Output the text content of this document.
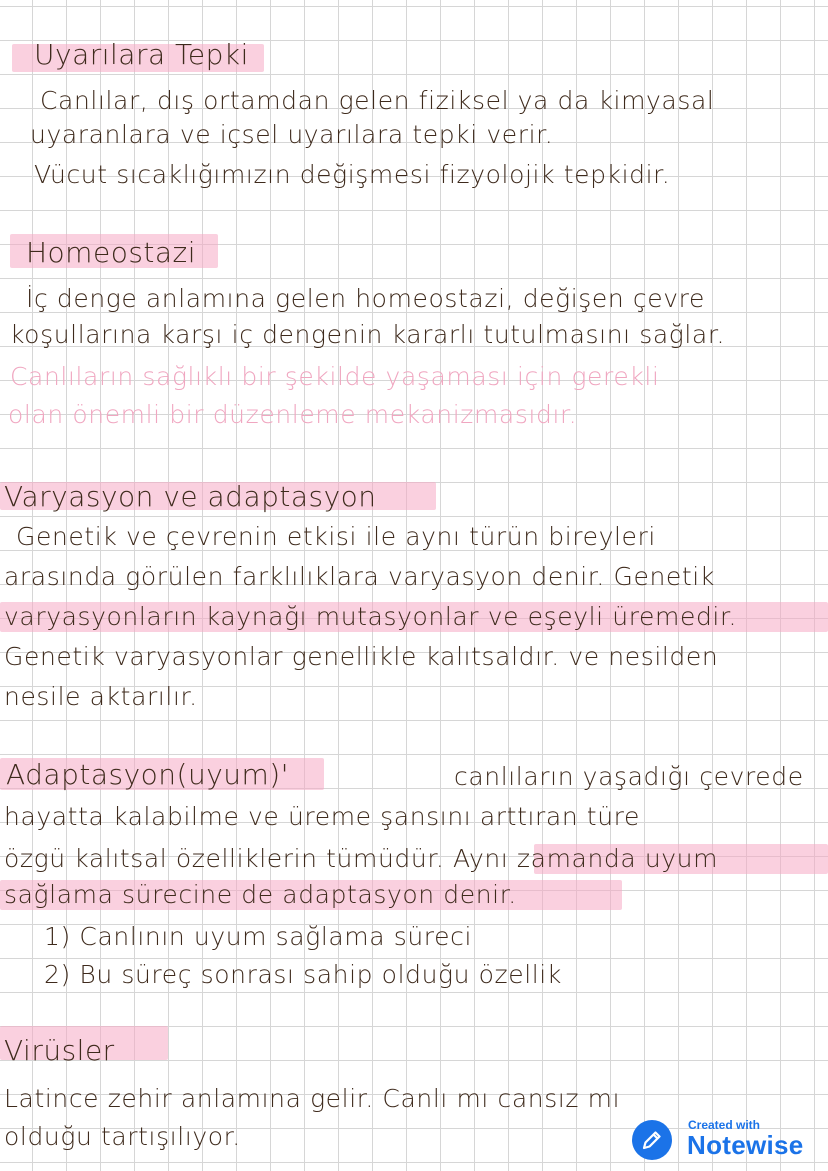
Uyarılara Tepki
Canlılar, dış ortamdan gelen fiziksel ya da kimyasal
uyaranlara ve içsel uyarılara tepki verir.
Vücut sıcaklığımızın değişmesi fizyolojik tepkidir.
Homeostazi
İç denge anlamına gelen homeostazi, değişen çevre
koşullarına karşı iç dengenin kararlı tutulmasını sağlar.
Canlıların sağlıklı bir şekilde yaşaması için gerekli
olan önemli bir düzenleme mekanizmasıdır.
Varyasyon ve adaptasyon
Genetik ve çevrenin etkisi ile aynı türün bireyleri
arasında görülen farklılıklara varyasyon denir. Genetik
varyasyonların kaynağı mutasyonlar ve eşeyli üremedir.
Genetik varyasyonlar genellikle kalıtsaldır. ve nesilden
nesile aktarılır.
Adaptasyon(uyum)'	canlıların yaşadığı çevrede
hayatta kalabilme ve üreme şansını arttıran türe
özgü kalıtsal özelliklerin tümüdür. Aynı zamanda uyum
sağlama sürecine de adaptasyon denir.
1) Canlının uyum sağlama süreci
2) Bu süreç sonrası sahip olduğu özellik
Virüsler
Latince zehir anlamına gelir. Canlı mı cansız mı
olduğu tartışılıyor.	Created with
Notewise
